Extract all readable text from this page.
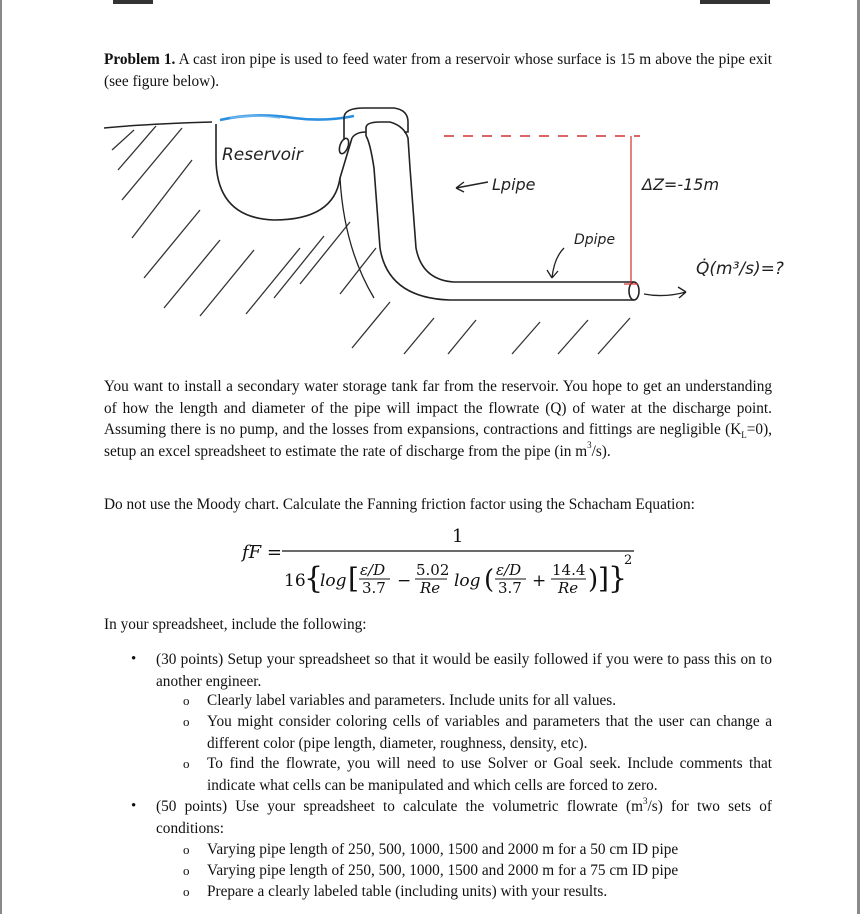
Problem 1. A cast iron pipe is used to feed water from a reservoir whose surface is 15 m above the pipe exit (see figure below).

Reservoir
Lpipe
Dpipe
ΔZ=-15m
Q̇(m³/s)=?

You want to install a secondary water storage tank far from the reservoir. You hope to get an understanding of how the length and diameter of the pipe will impact the flowrate (Q) of water at the discharge point. Assuming there is no pump, and the losses from expansions, contractions and fittings are negligible $(K_L=0)$, setup an excel spreadsheet to estimate the rate of discharge from the pipe (in $m^3/s$).

Do not use the Moody chart. Calculate the Fanning friction factor using the Schacham Equation:

fF =
1
16
{
log [ ε/D
3.7 −
5.02
Re log ( ε/D
3.7 +
14.4
Re ) ] }
2

In your spreadsheet, include the following:

• (30 points) Setup your spreadsheet so that it would be easily followed if you were to pass this on to another engineer.

o Clearly label variables and parameters. Include units for all values.

o You might consider coloring cells of variables and parameters that the user can change a different color (pipe length, diameter, roughness, density, etc).

o To find the flowrate, you will need to use Solver or Goal seek. Include comments that indicate what cells can be manipulated and which cells are forced to zero.

• (50 points) Use your spreadsheet to calculate the volumetric flowrate $(m^3/s)$ for two sets of conditions:

o Varying pipe length of 250, 500, 1000, 1500 and 2000 m for a 50 cm ID pipe

o Varying pipe length of 250, 500, 1000, 1500 and 2000 m for a 75 cm ID pipe

o Prepare a clearly labeled table (including units) with your results.
